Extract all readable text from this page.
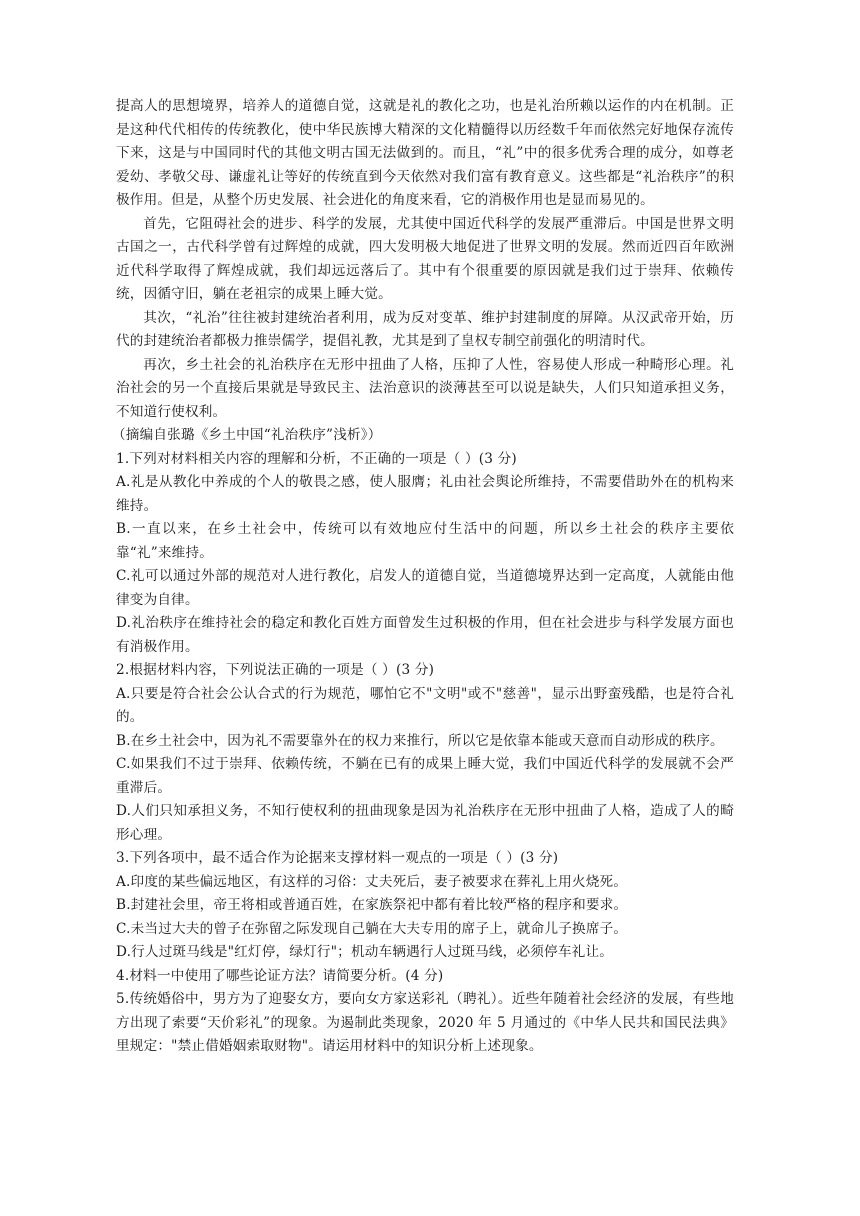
提高人的思想境界，培养人的道德自觉，这就是礼的教化之功，也是礼治所赖以运作的内在机制。正是这种代代相传的传统教化，使中华民族博大精深的文化精髓得以历经数千年而依然完好地保存流传下来，这是与中国同时代的其他文明古国无法做到的。而且，“礼”中的很多优秀合理的成分，如尊老爱幼、孝敬父母、谦虚礼让等好的传统直到今天依然对我们富有教育意义。这些都是“礼治秩序”的积极作用。但是，从整个历史发展、社会进化的角度来看，它的消极作用也是显而易见的。

首先，它阻碍社会的进步、科学的发展，尤其使中国近代科学的发展严重滞后。中国是世界文明古国之一，古代科学曾有过辉煌的成就，四大发明极大地促进了世界文明的发展。然而近四百年欧洲近代科学取得了辉煌成就，我们却远远落后了。其中有个很重要的原因就是我们过于崇拜、依赖传统，因循守旧，躺在老祖宗的成果上睡大觉。

其次，“礼治”往往被封建统治者利用，成为反对变革、维护封建制度的屏障。从汉武帝开始，历代的封建统治者都极力推崇儒学，提倡礼教，尤其是到了皇权专制空前强化的明清时代。

再次，乡土社会的礼治秩序在无形中扭曲了人格，压抑了人性，容易使人形成一种畸形心理。礼治社会的另一个直接后果就是导致民主、法治意识的淡薄甚至可以说是缺失，人们只知道承担义务，不知道行使权利。

（摘编自张璐《乡土中国“礼治秩序”浅析》）

1.下列对材料相关内容的理解和分析，不正确的一项是（ ）(3 分)

A.礼是从教化中养成的个人的敬畏之感，使人服膺；礼由社会舆论所维持，不需要借助外在的机构来维持。

B.一直以来，在乡土社会中，传统可以有效地应付生活中的问题，所以乡土社会的秩序主要依靠“礼”来维持。

C.礼可以通过外部的规范对人进行教化，启发人的道德自觉，当道德境界达到一定高度，人就能由他律变为自律。

D.礼治秩序在维持社会的稳定和教化百姓方面曾发生过积极的作用，但在社会进步与科学发展方面也有消极作用。

2.根据材料内容，下列说法正确的一项是（ ）(3 分)

A.只要是符合社会公认合式的行为规范，哪怕它不"文明"或不"慈善"，显示出野蛮残酷，也是符合礼的。

B.在乡土社会中，因为礼不需要靠外在的权力来推行，所以它是依靠本能或天意而自动形成的秩序。

C.如果我们不过于崇拜、依赖传统，不躺在已有的成果上睡大觉，我们中国近代科学的发展就不会严重滞后。

D.人们只知承担义务，不知行使权利的扭曲现象是因为礼治秩序在无形中扭曲了人格，造成了人的畸形心理。

3.下列各项中，最不适合作为论据来支撑材料一观点的一项是（ ）(3 分)

A.印度的某些偏远地区，有这样的习俗：丈夫死后，妻子被要求在葬礼上用火烧死。

B.封建社会里，帝王将相或普通百姓，在家族祭祀中都有着比较严格的程序和要求。

C.未当过大夫的曾子在弥留之际发现自己躺在大夫专用的席子上，就命儿子换席子。

D.行人过斑马线是"红灯停，绿灯行"；机动车辆遇行人过斑马线，必须停车礼让。

4.材料一中使用了哪些论证方法？请简要分析。(4 分)

5.传统婚俗中，男方为了迎娶女方，要向女方家送彩礼（聘礼）。近些年随着社会经济的发展，有些地方出现了索要“天价彩礼”的现象。为遏制此类现象，2020 年 5 月通过的《中华人民共和国民法典》里规定："禁止借婚姻索取财物"。请运用材料中的知识分析上述现象。
